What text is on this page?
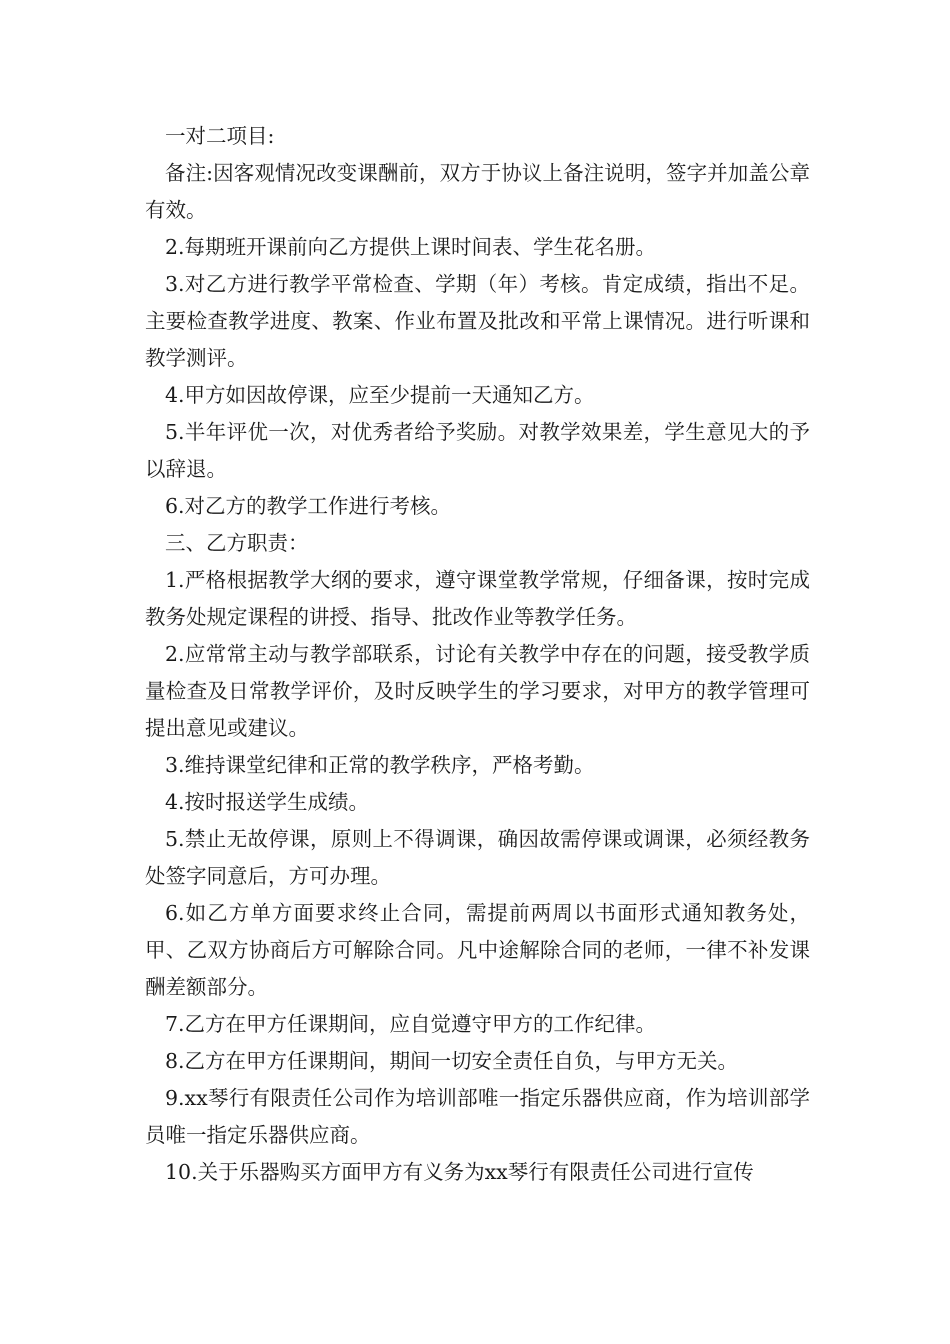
一对二项目:

备注:因客观情况改变课酬前，双方于协议上备注说明，签字并加盖公章有效。

2.每期班开课前向乙方提供上课时间表、学生花名册。

3.对乙方进行教学平常检查、学期（年）考核。肯定成绩，指出不足。主要检查教学进度、教案、作业布置及批改和平常上课情况。进行听课和教学测评。

4.甲方如因故停课，应至少提前一天通知乙方。

5.半年评优一次，对优秀者给予奖励。对教学效果差，学生意见大的予以辞退。

6.对乙方的教学工作进行考核。

三、乙方职责：

1.严格根据教学大纲的要求，遵守课堂教学常规，仔细备课，按时完成教务处规定课程的讲授、指导、批改作业等教学任务。

2.应常常主动与教学部联系，讨论有关教学中存在的问题，接受教学质量检查及日常教学评价，及时反映学生的学习要求，对甲方的教学管理可提出意见或建议。

3.维持课堂纪律和正常的教学秩序，严格考勤。

4.按时报送学生成绩。

5.禁止无故停课，原则上不得调课，确因故需停课或调课，必须经教务处签字同意后，方可办理。

6.如乙方单方面要求终止合同，需提前两周以书面形式通知教务处，甲、乙双方协商后方可解除合同。凡中途解除合同的老师，一律不补发课酬差额部分。

7.乙方在甲方任课期间，应自觉遵守甲方的工作纪律。

8.乙方在甲方任课期间，期间一切安全责任自负，与甲方无关。

9.xx琴行有限责任公司作为培训部唯一指定乐器供应商，作为培训部学员唯一指定乐器供应商。

10.关于乐器购买方面甲方有义务为xx琴行有限责任公司进行宣传
